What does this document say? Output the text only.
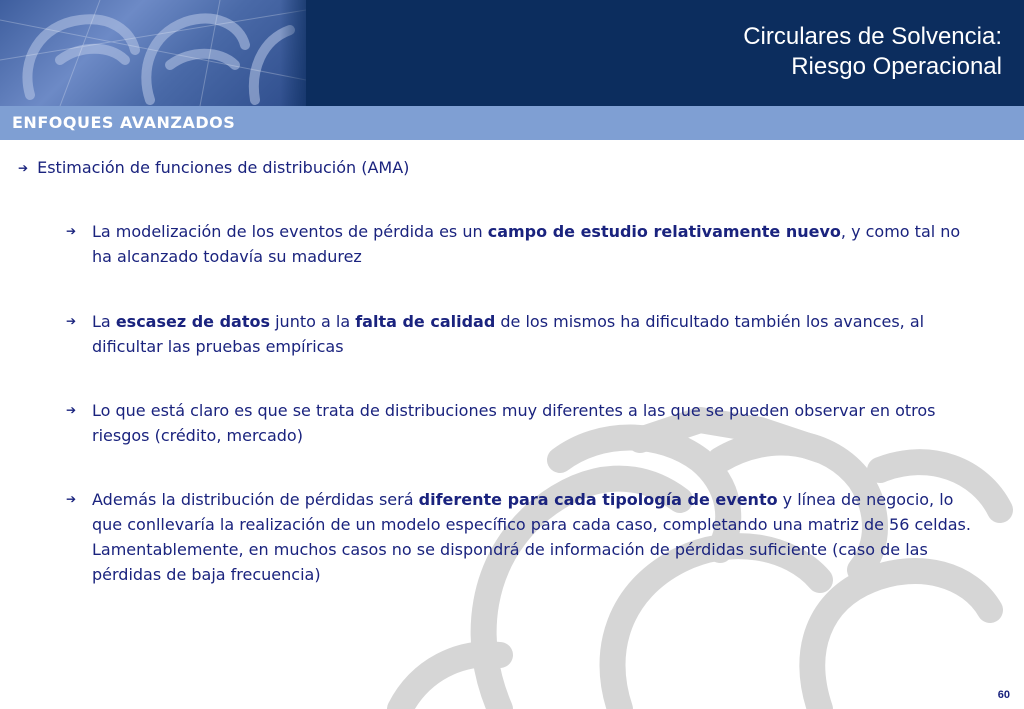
Circulares de Solvencia:
Riesgo Operacional
ENFOQUES AVANZADOS
➔ Estimación de funciones de distribución (AMA)
➔ La modelización de los eventos de pérdida es un campo de estudio relativamente nuevo, y como tal no ha alcanzado todavía su madurez
➔ La escasez de datos junto a la falta de calidad de los mismos ha dificultado también los avances, al dificultar las pruebas empíricas
➔ Lo que está claro es que se trata de distribuciones muy diferentes a las que se pueden observar en otros riesgos (crédito, mercado)
➔ Además la distribución de pérdidas será diferente para cada tipología de evento y línea de negocio, lo que conllevaría la realización de un modelo específico para cada caso, completando una matriz de 56 celdas. Lamentablemente, en muchos casos no se dispondrá de información de pérdidas suficiente (caso de las pérdidas de baja frecuencia)
60
